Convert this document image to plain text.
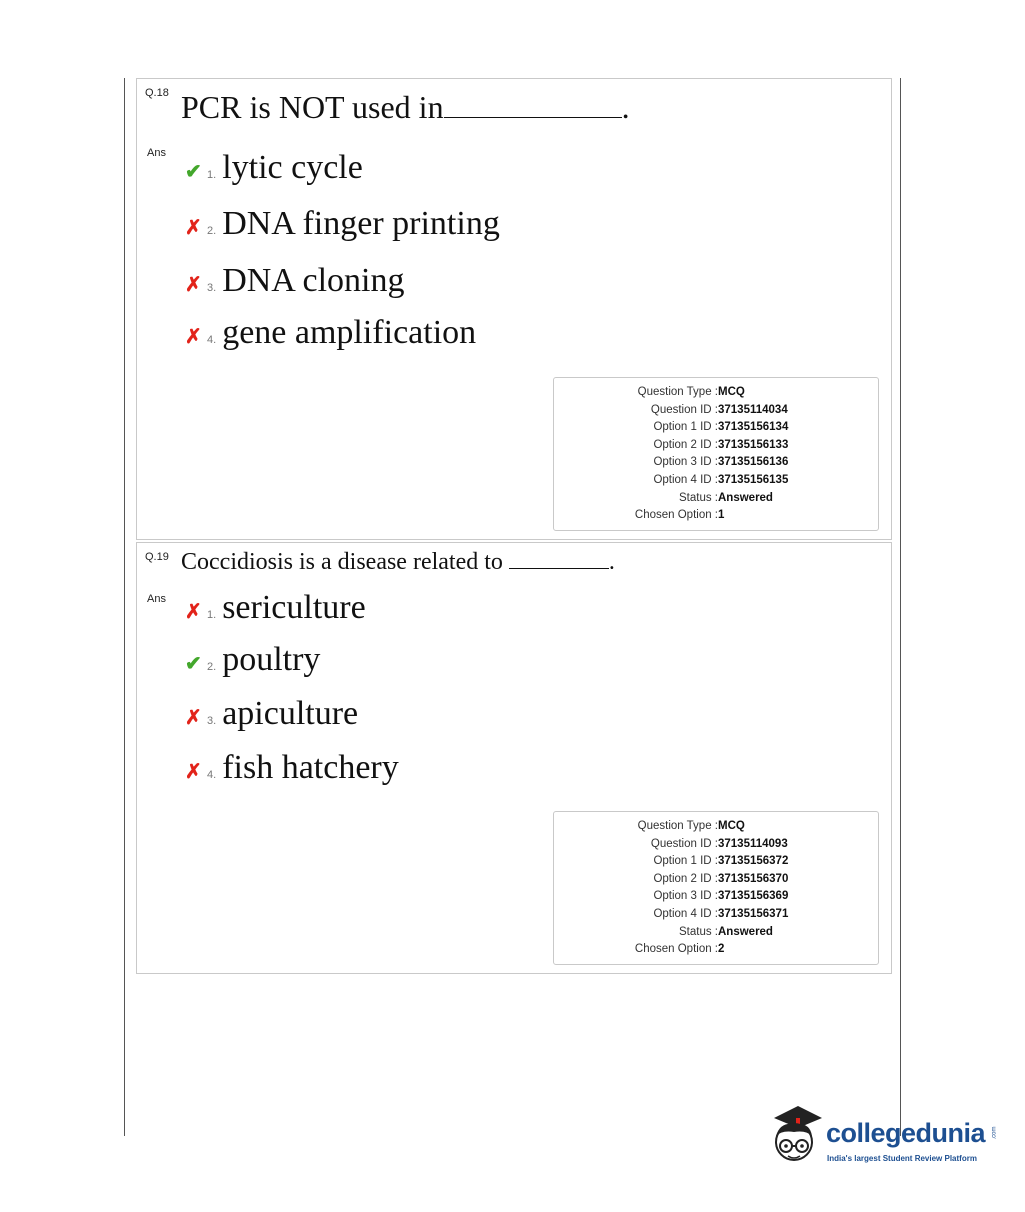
Q.18
Ans
PCR is NOT used in	.
✔ 1. lytic cycle
✗ 2. DNA finger printing
✗ 3. DNA cloning
✗ 4. gene amplification
Question Type : MCQ
Question ID : 37135114034
Option 1 ID : 37135156134
Option 2 ID : 37135156133
Option 3 ID : 37135156136
Option 4 ID : 37135156135
Status : Answered
Chosen Option : 1
Q.19
Ans
Coccidiosis is a disease related to	.
✗ 1. sericulture
✔ 2. poultry
✗ 3. apiculture
✗ 4. fish hatchery
Question Type : MCQ
Question ID : 37135114093
Option 1 ID : 37135156372
Option 2 ID : 37135156370
Option 3 ID : 37135156369
Option 4 ID : 37135156371
Status : Answered
Chosen Option : 2
collegedunia .com
India's largest Student Review Platform
